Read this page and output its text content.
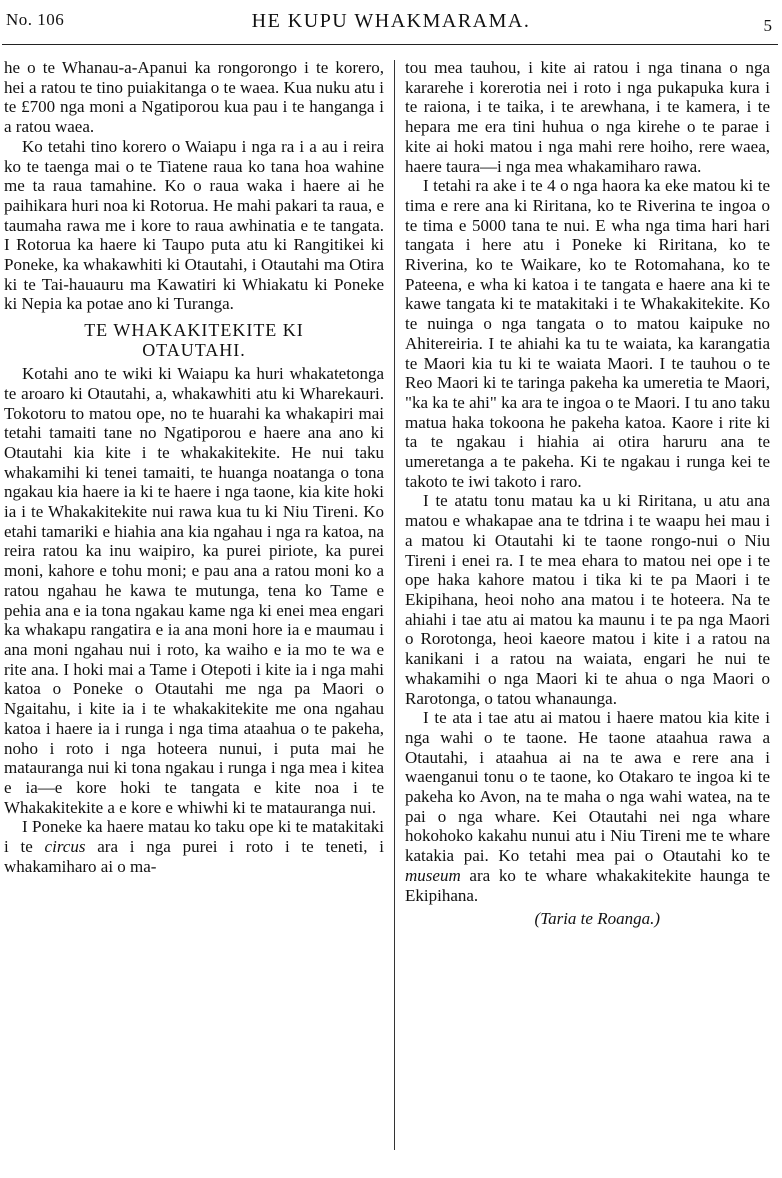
No. 106	HE KUPU WHAKMARAMA.	5

he o te Whanau-a-Apanui ka rongorongo i te korero, hei a ratou te tino puiakitanga o te waea. Kua nuku atu i te £700 nga moni a Ngatiporou kua pau i te hanganga i a ratou waea.

Ko tetahi tino korero o Waiapu i nga ra i a au i reira ko te taenga mai o te Tiatene raua ko tana hoa wahine me ta raua tamahine. Ko o raua waka i haere ai he paihikara huri noa ki Rotorua. He mahi pakari ta raua, e taumaha rawa me i kore to raua awhinatia e te tangata. I Rotorua ka haere ki Taupo puta atu ki Rangitikei ki Poneke, ka whakawhiti ki Otautahi, i Otautahi ma Otira ki te Tai-hauauru ma Kawatiri ki Whiakatu ki Poneke ki Nepia ka potae ano ki Turanga.

TE WHAKAKITEKITE KI
OTAUTAHI.

Kotahi ano te wiki ki Waiapu ka huri whakatetonga te aroaro ki Otautahi, a, whakawhiti atu ki Wharekauri. Tokotoru to matou ope, no te huarahi ka whakapiri mai tetahi tamaiti tane no Ngatiporou e haere ana ano ki Otautahi kia kite i te whakakitekite. He nui taku whakamihi ki tenei tamaiti, te huanga noatanga o tona ngakau kia haere ia ki te haere i nga taone, kia kite hoki ia i te Whakakitekite nui rawa kua tu ki Niu Tireni. Ko etahi tamariki e hiahia ana kia ngahau i nga ra katoa, na reira ratou ka inu waipiro, ka purei piriote, ka purei moni, kahore e tohu moni; e pau ana a ratou moni ko a ratou ngahau he kawa te mutunga, tena ko Tame e pehia ana e ia tona ngakau kame nga ki enei mea engari ka whakapu rangatira e ia ana moni hore ia e maumau i ana moni ngahau nui i roto, ka waiho e ia mo te wa e rite ana. I hoki mai a Tame i Otepoti i kite ia i nga mahi katoa o Poneke o Otautahi me nga pa Maori o Ngaitahu, i kite ia i te whakakitekite me ona ngahau katoa i haere ia i runga i nga tima ataahua o te pakeha, noho i roto i nga hoteera nunui, i puta mai he matauranga nui ki tona ngakau i runga i nga mea i kitea e ia—e kore hoki te tangata e kite noa i te Whakakitekite a e kore e whiwhi ki te matauranga nui.

I Poneke ka haere matau ko taku ope ki te matakitaki i te circus ara i nga purei i roto i te teneti, i whakamiharo ai o ma-

tou mea tauhou, i kite ai ratou i nga tinana o nga kararehe i korerotia nei i roto i nga pukapuka kura i te raiona, i te taika, i te arewhana, i te kamera, i te hepara me era tini huhua o nga kirehe o te parae i kite ai hoki matou i nga mahi rere hoiho, rere waea, haere taura—i nga mea whakamiharo rawa.

I tetahi ra ake i te 4 o nga haora ka eke matou ki te tima e rere ana ki Riritana, ko te Riverina te ingoa o te tima e 5000 tana te nui. E wha nga tima hari hari tangata i here atu i Poneke ki Riritana, ko te Riverina, ko te Waikare, ko te Rotomahana, ko te Pateena, e wha ki katoa i te tangata e haere ana ki te kawe tangata ki te matakitaki i te Whakakitekite. Ko te nuinga o nga tangata o to matou kaipuke no Ahitereiria. I te ahiahi ka tu te waiata, ka karangatia te Maori kia tu ki te waiata Maori. I te tauhou o te Reo Maori ki te taringa pakeha ka umeretia te Maori, "ka ka te ahi" ka ara te ingoa o te Maori. I tu ano taku matua haka tokoona he pakeha katoa. Kaore i rite ki ta te ngakau i hiahia ai otira haruru ana te umeretanga a te pakeha. Ki te ngakau i runga kei te takoto te iwi takoto i raro.

I te atatu tonu matau ka u ki Riritana, u atu ana matou e whakapae ana te tdrina i te waapu hei mau i a matou ki Otautahi ki te taone rongo-nui o Niu Tireni i enei ra. I te mea ehara to matou nei ope i te ope haka kahore matou i tika ki te pa Maori i te Ekipihana, heoi noho ana matou i te hoteera. Na te ahiahi i tae atu ai matou ka maunu i te pa nga Maori o Rorotonga, heoi kaeore matou i kite i a ratou na kanikani i a ratou na waiata, engari he nui te whakamihi o nga Maori ki te ahua o nga Maori o Rarotonga, o tatou whanaunga.

I te ata i tae atu ai matou i haere matou kia kite i nga wahi o te taone. He taone ataahua rawa a Otautahi, i ataahua ai na te awa e rere ana i waenganui tonu o te taone, ko Otakaro te ingoa ki te pakeha ko Avon, na te maha o nga wahi watea, na te pai o nga whare. Kei Otautahi nei nga whare hokohoko kakahu nunui atu i Niu Tireni me te whare katakia pai. Ko tetahi mea pai o Otautahi ko te museum ara ko te whare whakakitekite haunga te Ekipihana.

(Taria te Roanga.)
